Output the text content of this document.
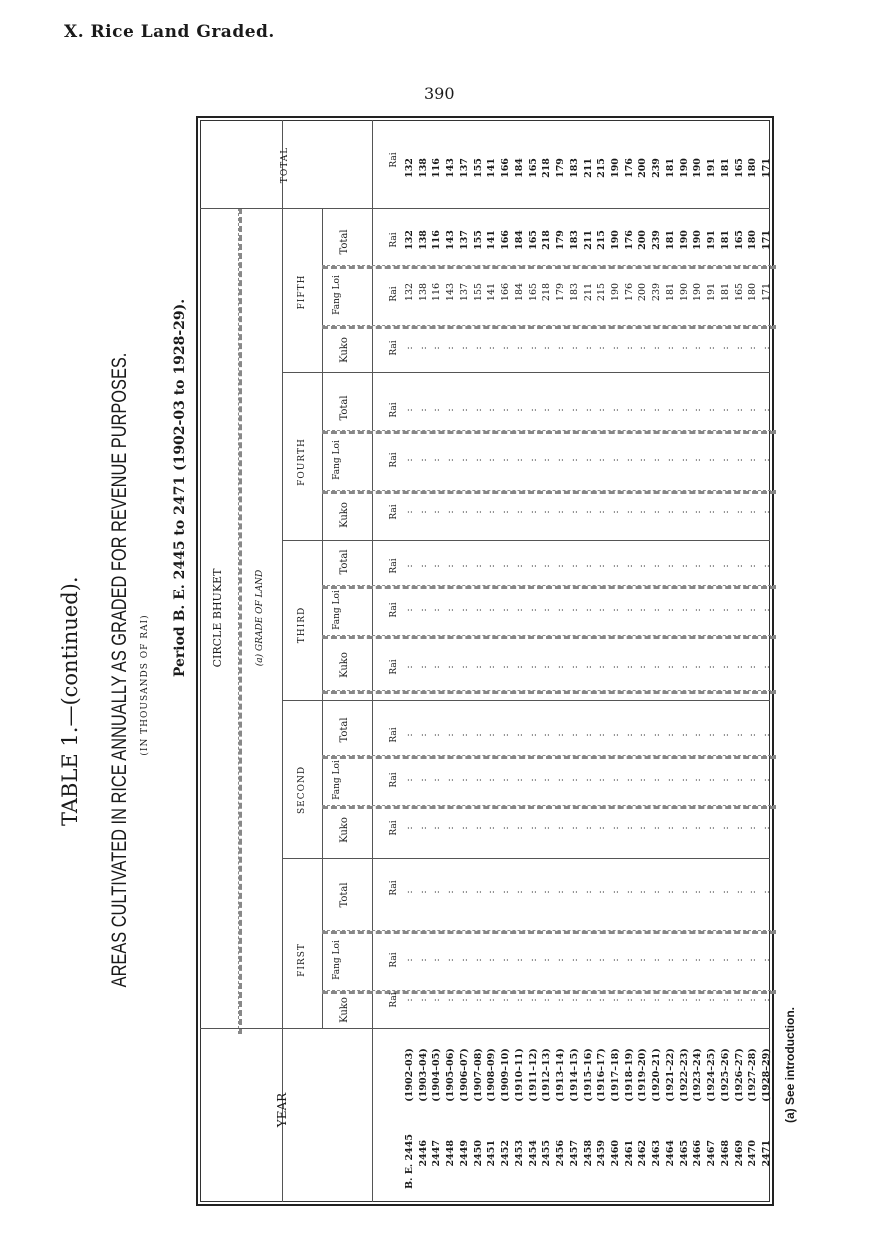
X. Rice Land Graded.
390
TABLE 1.—(continued). AREAS CULTIVATED IN RICE ANNUALLY AS GRADED FOR REVENUE PURPOSES. (IN THOUSANDS OF RAI)
Period B. E. 2445 to 2471 (1902-03 to 1928-29).
(a) See introduction.
YEAR
CIRCLE BHUKET	(a) GRADE OF LAND
FIRST
SECOND
THIRD
FOURTH
FIFTH
TOTAL
Kuko
Fang Loi
Total
Kuko
Fang Loi
Total
Kuko
Fang Loi
Total
Kuko
Fang Loi
Total
Kuko
Fang Loi
Total
Rai
Rai
Rai
Rai
Rai
Rai
Rai
Rai
Rai
Rai
Rai
Rai
Rai
Rai
Rai
Rai
B. E. 2445
(1902–03)
:
:
:
:
:
:
:
:
:
:
:
:
:
132
132
132
2446
(1903–04)
:
:
:
:
:
:
:
:
:
:
:
:
:
138
138
138
2447
(1904–05)
:
:
:
:
:
:
:
:
:
:
:
:
:
116
116
116
2448
(1905–06)
:
:
:
:
:
:
:
:
:
:
:
:
:
143
143
143
2449
(1906–07)
:
:
:
:
:
:
:
:
:
:
:
:
:
137
137
137
2450
(1907–08)
:
:
:
:
:
:
:
:
:
:
:
:
:
155
155
155
2451
(1908–09)
:
:
:
:
:
:
:
:
:
:
:
:
:
141
141
141
2452
(1909–10)
:
:
:
:
:
:
:
:
:
:
:
:
:
166
166
166
2453
(1910–11)
:
:
:
:
:
:
:
:
:
:
:
:
:
184
184
184
2454
(1911–12)
:
:
:
:
:
:
:
:
:
:
:
:
:
165
165
165
2455
(1912–13)
:
:
:
:
:
:
:
:
:
:
:
:
:
218
218
218
2456
(1913–14)
:
:
:
:
:
:
:
:
:
:
:
:
:
179
179
179
2457
(1914–15)
:
:
:
:
:
:
:
:
:
:
:
:
:
183
183
183
2458
(1915–16)
:
:
:
:
:
:
:
:
:
:
:
:
:
211
211
211
2459
(1916–17)
:
:
:
:
:
:
:
:
:
:
:
:
:
215
215
215
2460
(1917–18)
:
:
:
:
:
:
:
:
:
:
:
:
:
190
190
190
2461
(1918–19)
:
:
:
:
:
:
:
:
:
:
:
:
:
176
176
176
2462
(1919–20)
:
:
:
:
:
:
:
:
:
:
:
:
:
200
200
200
2463
(1920–21)
:
:
:
:
:
:
:
:
:
:
:
:
:
239
239
239
2464
(1921–22)
:
:
:
:
:
:
:
:
:
:
:
:
:
181
181
181
2465
(1922–23)
:
:
:
:
:
:
:
:
:
:
:
:
:
190
190
190
2466
(1923–24)
:
:
:
:
:
:
:
:
:
:
:
:
:
190
190
190
2467
(1924–25)
:
:
:
:
:
:
:
:
:
:
:
:
:
191
191
191
2468
(1925–26)
:
:
:
:
:
:
:
:
:
:
:
:
:
181
181
181
2469
(1926–27)
:
:
:
:
:
:
:
:
:
:
:
:
:
165
165
165
2470
(1927–28)
:
:
:
:
:
:
:
:
:
:
:
:
:
180
180
180
2471
(1928–29)
:
:
:
:
:
:
:
:
:
:
:
:
:
171
171
171
